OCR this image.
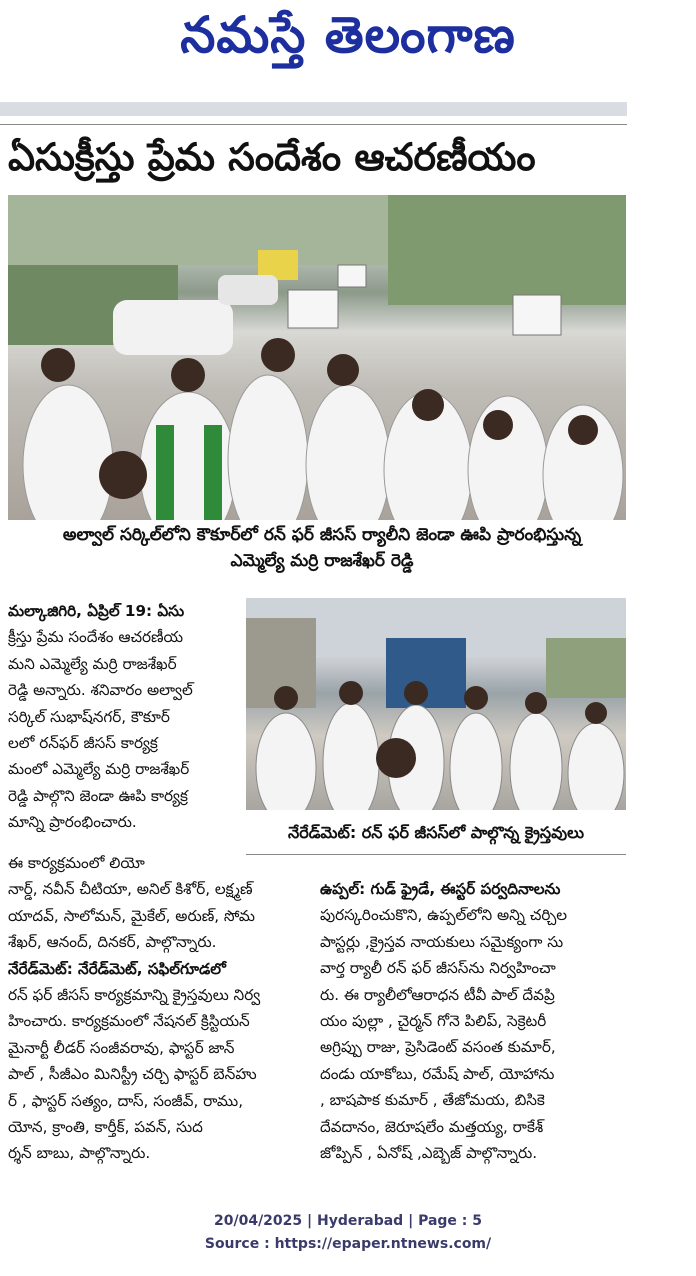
నమస్తే తెలంగాణ
ఏసుక్రీస్తు ప్రేమ సందేశం ఆచరణీయం
అల్వాల్ సర్కిల్‌లోని కౌకూర్‌లో రన్ ఫర్ జీసస్ ర్యాలీని జెండా ఊపి ప్రారంభిస్తున్న
ఎమ్మెల్యే మర్రి రాజశేఖర్ రెడ్డి
నేరేడ్‌మెట్: రన్ ఫర్ జీసస్‌లో పాల్గొన్న క్రైస్తవులు
మల్కాజిగిరి, ఏప్రిల్ 19: ఏసు
క్రీస్తు ప్రేమ సందేశం ఆచరణీయ
మని ఎమ్మెల్యే మర్రి రాజశేఖర్
రెడ్డి అన్నారు. శనివారం అల్వాల్
సర్కిల్ సుభాష్‌నగర్, కౌకూర్
లలో రన్‌ఫర్ జీసస్ కార్యక్ర
మంలో ఎమ్మెల్యే మర్రి రాజశేఖర్
రెడ్డి పాల్గొని జెండా ఊపి కార్యక్ర
మాన్ని ప్రారంభించారు.
ఈ కార్యక్రమంలో లియో
నార్డ్, నవీన్ చీటియా, అనిల్ కిశోర్, లక్ష్మణ్
యాదవ్, సాలోమన్, మైకేల్, అరుణ్, సోమ
శేఖర్, ఆనంద్, దినకర్, పాల్గొన్నారు.
నేరేడ్‌మెట్: నేరేడ్‌మెట్, సఫిల్‌గూడలో
రన్ ఫర్ జీసస్ కార్యక్రమాన్ని క్రైస్తవులు నిర్వ
హించారు. కార్యక్రమంలో నేషనల్ క్రిస్టియన్
మైనార్టీ లీడర్ సంజీవరావు, ఫాస్టర్ జాన్
పాల్ , సీజీఎం మినిస్ట్రీ చర్చి ఫాస్టర్ బెన్‌హు
ర్ , ఫాస్టర్ సత్యం, దాస్, సంజీవ్, రాము,
యోన, క్రాంతి, కార్తీక్, పవన్, సుద
ర్శన్ బాబు, పాల్గొన్నారు.
ఉప్పల్: గుడ్ ఫ్రైడే, ఈస్టర్ పర్వదినాలను
పురస్కరించుకొని, ఉప్పల్‌లోని అన్ని చర్చిల
పాస్టర్లు ,క్రైస్తవ నాయకులు సమైక్యంగా సు
వార్త ర్యాలీ రన్ ఫర్ జీసస్‌ను నిర్వహించా
రు. ఈ ర్యాలీలోఆరాధన టీవీ పాల్ దేవప్రి
యం పుల్లా , చైర్మన్ గోనె పిలిప్, సెక్రెటరీ
అగ్రిప్పు రాజు, ప్రెసిడెంట్ వసంత కుమార్,
దండు యాకోబు, రమేష్ పాల్, యోహాను
, బాషపాక కుమార్ , తేజోమయ, బిసికె
దేవదానం, జెరూషలేం మత్తయ్య, రాకేశ్
జోప్పిన్ , ఏనోష్ ,ఎబ్బెజ్ పాల్గొన్నారు.
20/04/2025 | Hyderabad | Page : 5
Source : https://epaper.ntnews.com/
